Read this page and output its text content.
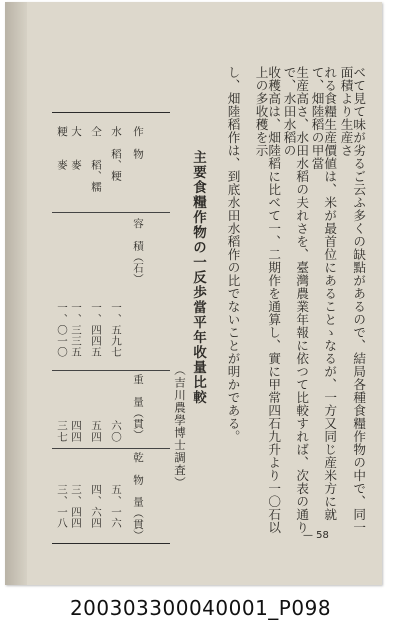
べて見て味が劣るご云ふ多くの缺點があるので、結局各種食糧作物の中で、同一面積より生産さ
れる食糧生産價値は、米が最首位にあることゝなるが、一方又同じ産米方に就て、畑陸稻の甲當
生産高さ、水田水稻の夫れさを、臺灣農業年報に依つて比較すれば、次表の通りで、水田水稻の
收穫高は、畑陸稻に比べて一、二期作を通算し、實に甲常四石九升より一〇石以上の多收穫を示
し、畑陸稻作は、到底水田水稻作の比でないことが明かである。
主要食糧作物の一反歩當平年收量比較
（吉川農學博士調査）
作　物
容　積（石）
重　量（貫）
乾　物　量（貫）
水　稻、粳
一、五九七
六〇
五、一六
仝　　稻、糯
一、四四五
五四
四、六四
大　　麥
一、三三五
四四
三、四四
粳　　麥
一、〇一〇
三七
三、一八
— 58
200303300040001_P098
